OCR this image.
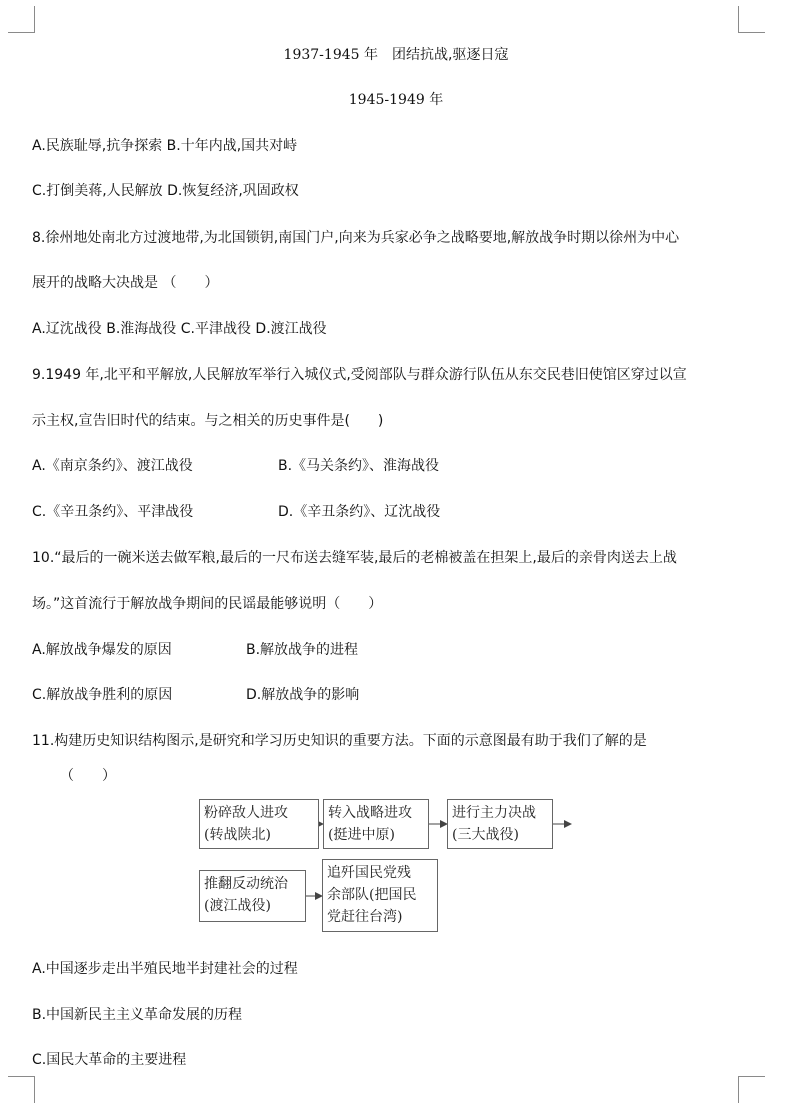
1937-1945 年 团结抗战,驱逐日寇
1945-1949 年
A.民族耻辱,抗争探索 B.十年内战,国共对峙
C.打倒美蒋,人民解放 D.恢复经济,巩固政权
8.徐州地处南北方过渡地带,为北国锁钥,南国门户,向来为兵家必争之战略要地,解放战争时期以徐州为中心
展开的战略大决战是 （　　）
A.辽沈战役 B.淮海战役 C.平津战役 D.渡江战役
9.1949 年,北平和平解放,人民解放军举行入城仪式,受阅部队与群众游行队伍从东交民巷旧使馆区穿过以宣
示主权,宣告旧时代的结束。与之相关的历史事件是(　　)
A.《南京条约》、渡江战役	B.《马关条约》、淮海战役
C.《辛丑条约》、平津战役	D.《辛丑条约》、辽沈战役
10.“最后的一碗米送去做军粮,最后的一尺布送去缝军装,最后的老棉被盖在担架上,最后的亲骨肉送去上战
场。”这首流行于解放战争期间的民谣最能够说明（　　）
A.解放战争爆发的原因	B.解放战争的进程
C.解放战争胜利的原因	D.解放战争的影响
11.构建历史知识结构图示,是研究和学习历史知识的重要方法。下面的示意图最有助于我们了解的是
（　　）
粉碎敌人进攻
(转战陕北)
转入战略进攻
(挺进中原)
进行主力决战
(三大战役)
推翻反动统治
(渡江战役)
追歼国民党残
余部队(把国民
党赶往台湾)
A.中国逐步走出半殖民地半封建社会的过程
B.中国新民主主义革命发展的历程
C.国民大革命的主要进程
